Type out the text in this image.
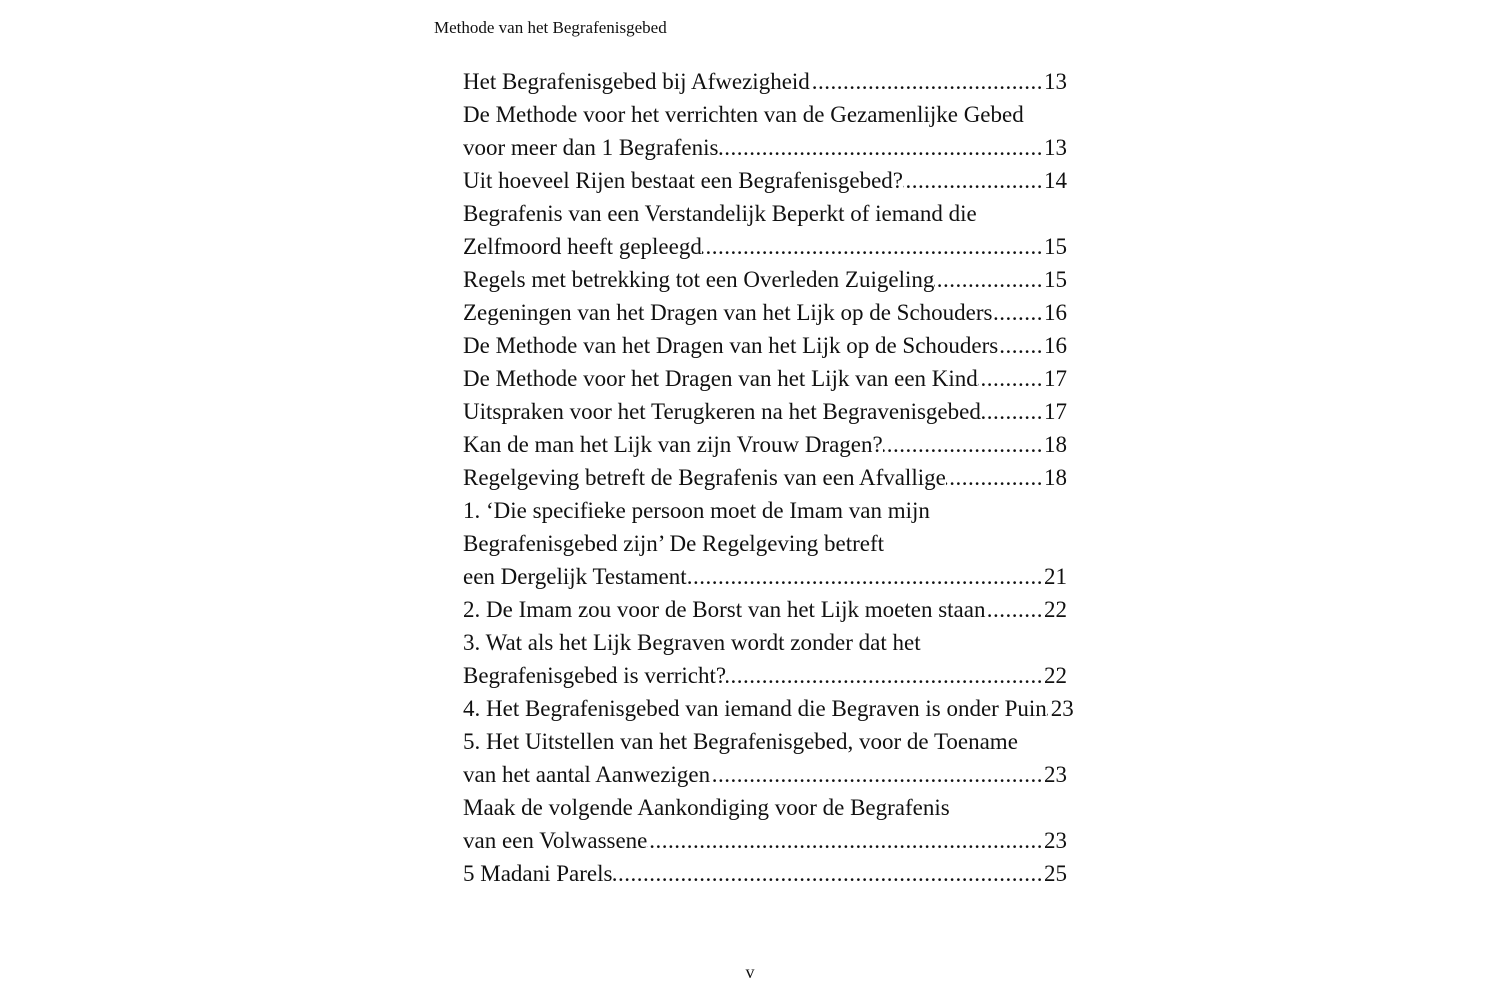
Methode van het Begrafenisgebed
Het Begrafenisgebed bij Afwezigheid .....	13
De Methode voor het verrichten van de Gezamenlijke Gebed
voor meer dan 1 Begrafenis .....	13
Uit hoeveel Rijen bestaat een Begrafenisgebed? .....	14
Begrafenis van een Verstandelijk Beperkt of iemand die
Zelfmoord heeft gepleegd .....	15
Regels met betrekking tot een Overleden Zuigeling .....	15
Zegeningen van het Dragen van het Lijk op de Schouders ..... 16
De Methode van het Dragen van het Lijk op de Schouders ..... 16
De Methode voor het Dragen van het Lijk van een Kind .....	17
Uitspraken voor het Terugkeren na het Begravenisgebed .....	17
Kan de man het Lijk van zijn Vrouw Dragen? .....	18
Regelgeving betreft de Begrafenis van een Afvallige .....	18
1. ‘Die specifieke persoon moet de Imam van mijn
Begrafenisgebed zijn’ De Regelgeving betreft
een Dergelijk Testament .....	21
2. De Imam zou voor de Borst van het Lijk moeten staan .....	22
3. Wat als het Lijk Begraven wordt zonder dat het
Begrafenisgebed is verricht? .....	22
4. Het Begrafenisgebed van iemand die Begraven is onder Puin ..... 23
5. Het Uitstellen van het Begrafenisgebed, voor de Toename
van het aantal Aanwezigen .....	23
Maak de volgende Aankondiging voor de Begrafenis
van een Volwassene .....	23
5 Madani Parels .....	25
v
